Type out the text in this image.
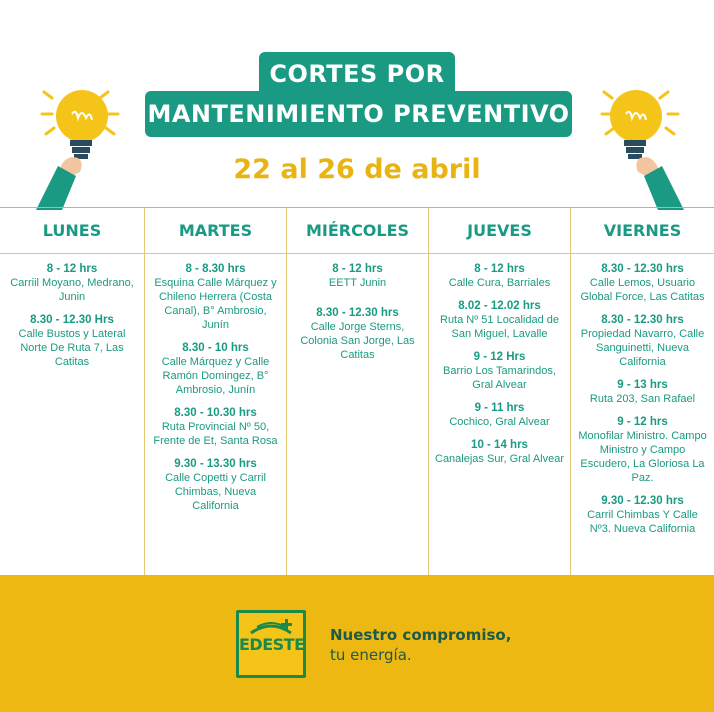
CORTES POR
MANTENIMIENTO PREVENTIVO
22 al 26 de abril
LUNES
8 - 12 hrs
Carriil Moyano, Medrano, Junin
8.30 - 12.30 Hrs
Calle Bustos y Lateral Norte De Ruta 7, Las Catitas
MARTES
8 - 8.30 hrs
Esquina Calle Márquez y Chileno Herrera (Costa Canal), B° Ambrosio, Junín
8.30 - 10 hrs
Calle Márquez y Calle Ramón Domingez, B° Ambrosio, Junín
8.30 - 10.30 hrs
Ruta Provincial Nº 50, Frente de Et, Santa Rosa
9.30 - 13.30 hrs
Calle Copetti y Carril Chimbas, Nueva California
MIÉRCOLES
8 - 12 hrs
EETT Junin
8.30 - 12.30 hrs
Calle Jorge Sterns, Colonia San Jorge, Las Catitas
JUEVES
8 - 12 hrs
Calle Cura, Barriales
8.02 - 12.02 hrs
Ruta Nº 51 Localidad de San Miguel, Lavalle
9 - 12 Hrs
Barrio Los Tamarindos, Gral Alvear
9 - 11 hrs
Cochico, Gral Alvear
10 - 14 hrs
Canalejas Sur, Gral Alvear
VIERNES
8.30 - 12.30 hrs
Calle Lemos, Usuario Global Force, Las Catitas
8.30 - 12.30 hrs
Propiedad Navarro, Calle Sanguinetti, Nueva California
9 - 13 hrs
Ruta 203, San Rafael
9 - 12 hrs
Monofilar Ministro. Campo Ministro y Campo Escudero, La Gloriosa La Paz.
9.30 - 12.30 hrs
Carril Chimbas Y Calle Nº3. Nueva California
EDESTE Nuestro compromiso,
tu energía.
